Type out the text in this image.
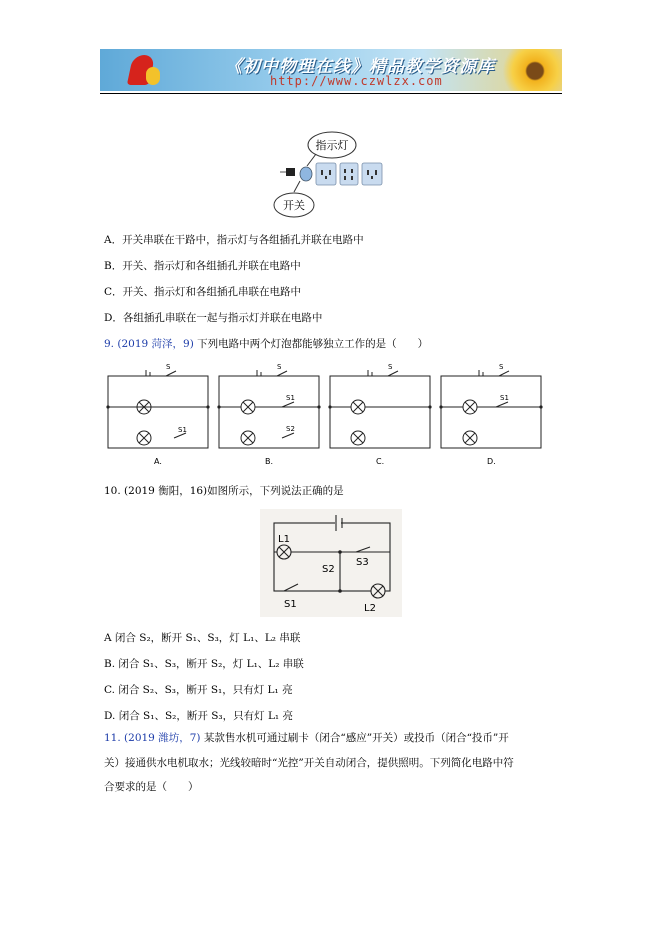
《初中物理在线》精品教学资源库
http://www.czwlzx.com
指示灯
开关
A．开关串联在干路中，指示灯与各组插孔并联在电路中
B．开关、指示灯和各组插孔并联在电路中
C．开关、指示灯和各组插孔串联在电路中
D．各组插孔串联在一起与指示灯并联在电路中
9. (2019 菏泽，9) 下列电路中两个灯泡都能够独立工作的是（　　）
S
S1
A.
S
S1
S2
B.
S
C.
S
S1
D.
10. (2019 衡阳，16)如图所示，下列说法正确的是
L1
S2
S3
S1	L2
A 闭合 S₂，断开 S₁、S₃，灯 L₁、L₂ 串联
B. 闭合 S₁、S₃，断开 S₂，灯 L₁、L₂ 串联
C. 闭合 S₂、S₃，断开 S₁，只有灯 L₁ 亮
D. 闭合 S₁、S₂，断开 S₃，只有灯 L₁ 亮
11. (2019 潍坊，7) 某款售水机可通过刷卡（闭合“感应”开关）或投币（闭合“投币”开
关）接通供水电机取水；光线较暗时“光控”开关自动闭合，提供照明。下列简化电路中符
合要求的是（　　）
